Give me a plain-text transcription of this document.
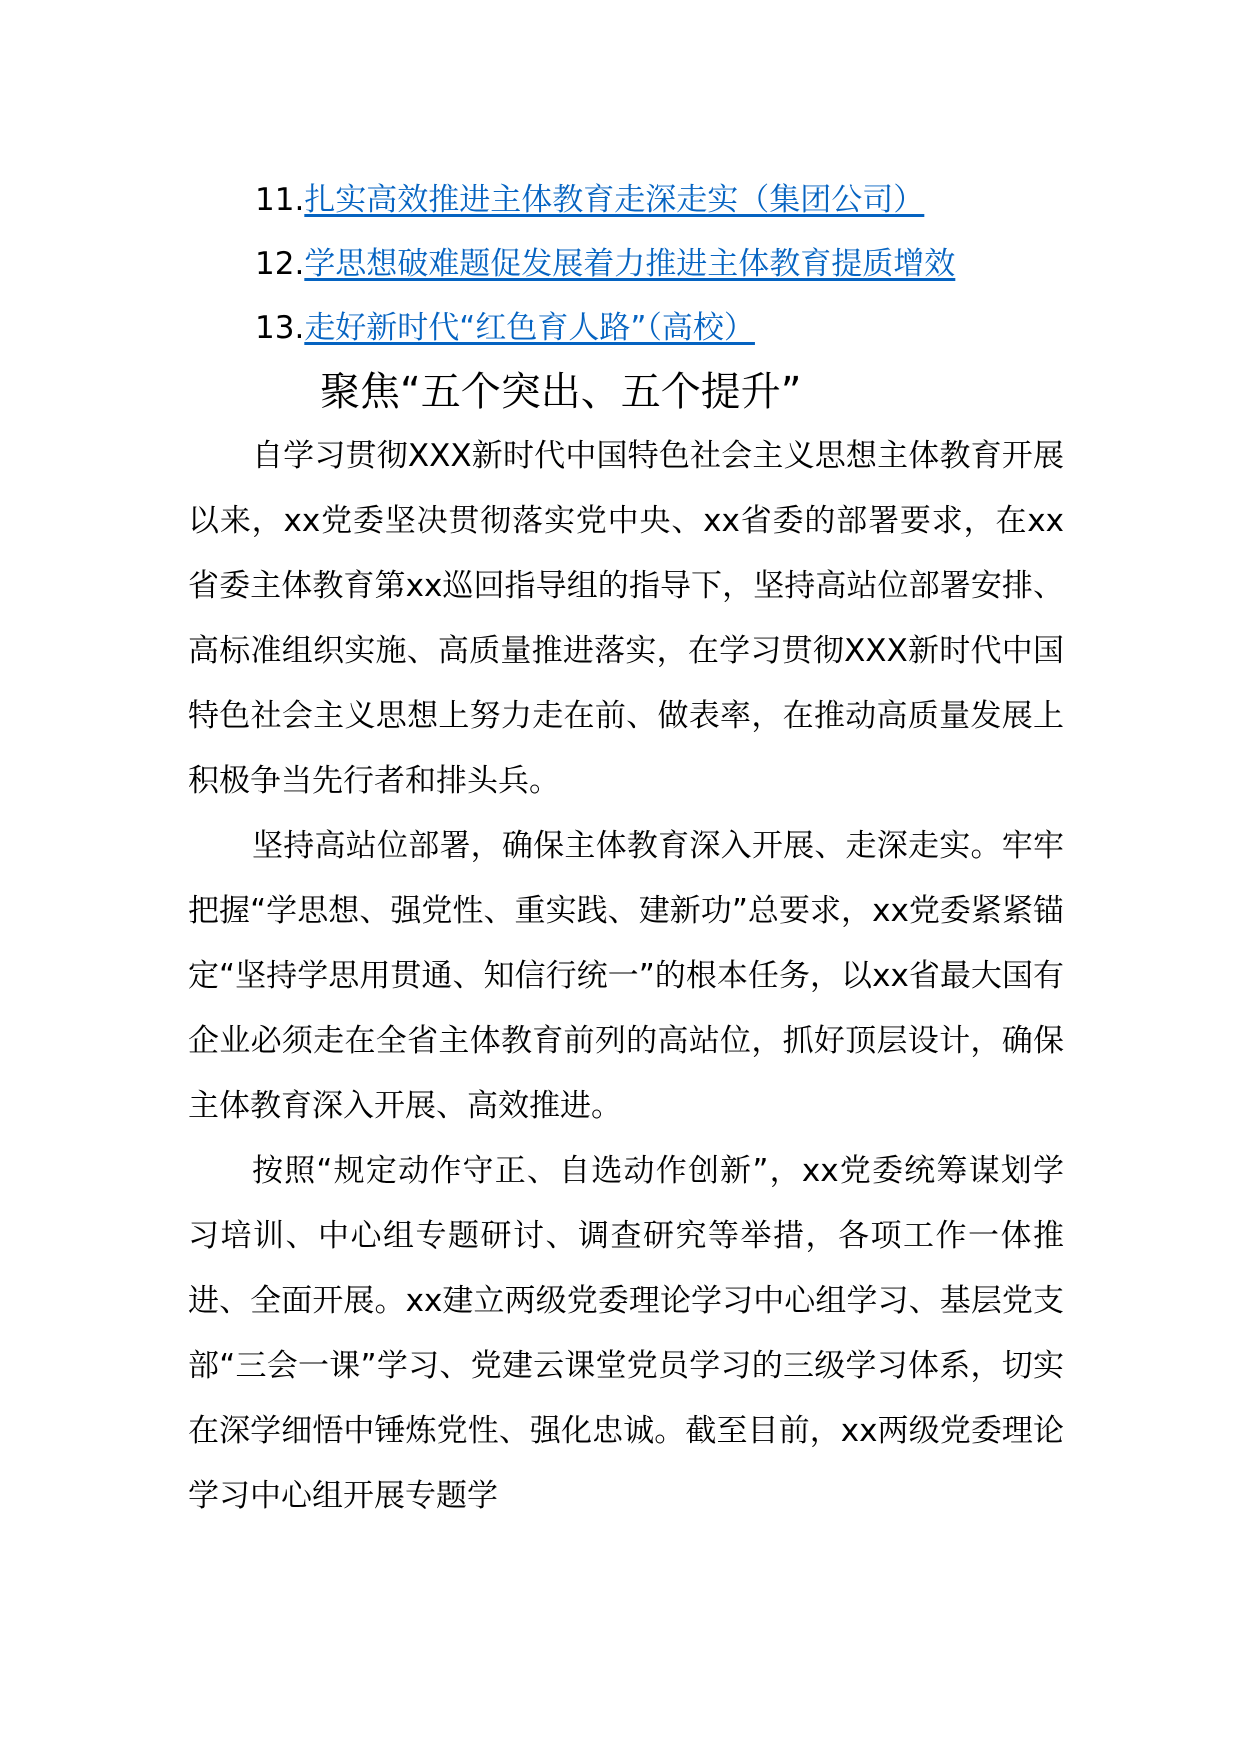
11.扎实高效推进主体教育走深走实（集团公司）
12.学思想破难题促发展着力推进主体教育提质增效
13.走好新时代“红色育人路”（高校）
聚焦“五个突出、五个提升”

自学习贯彻XXX新时代中国特色社会主义思想主体教育开展以来，xx党委坚决贯彻落实党中央、xx省委的部署要求，在xx省委主体教育第xx巡回指导组的指导下，坚持高站位部署安排、高标准组织实施、高质量推进落实，在学习贯彻XXX新时代中国特色社会主义思想上努力走在前、做表率，在推动高质量发展上积极争当先行者和排头兵。

坚持高站位部署，确保主体教育深入开展、走深走实。牢牢把握“学思想、强党性、重实践、建新功”总要求，xx党委紧紧锚定“坚持学思用贯通、知信行统一”的根本任务，以xx省最大国有企业必须走在全省主体教育前列的高站位，抓好顶层设计，确保主体教育深入开展、高效推进。

按照“规定动作守正、自选动作创新”，xx党委统筹谋划学习培训、中心组专题研讨、调查研究等举措，各项工作一体推进、全面开展。xx建立两级党委理论学习中心组学习、基层党支部“三会一课”学习、党建云课堂党员学习的三级学习体系，切实在深学细悟中锤炼党性、强化忠诚。截至目前，xx两级党委理论学习中心组开展专题学
